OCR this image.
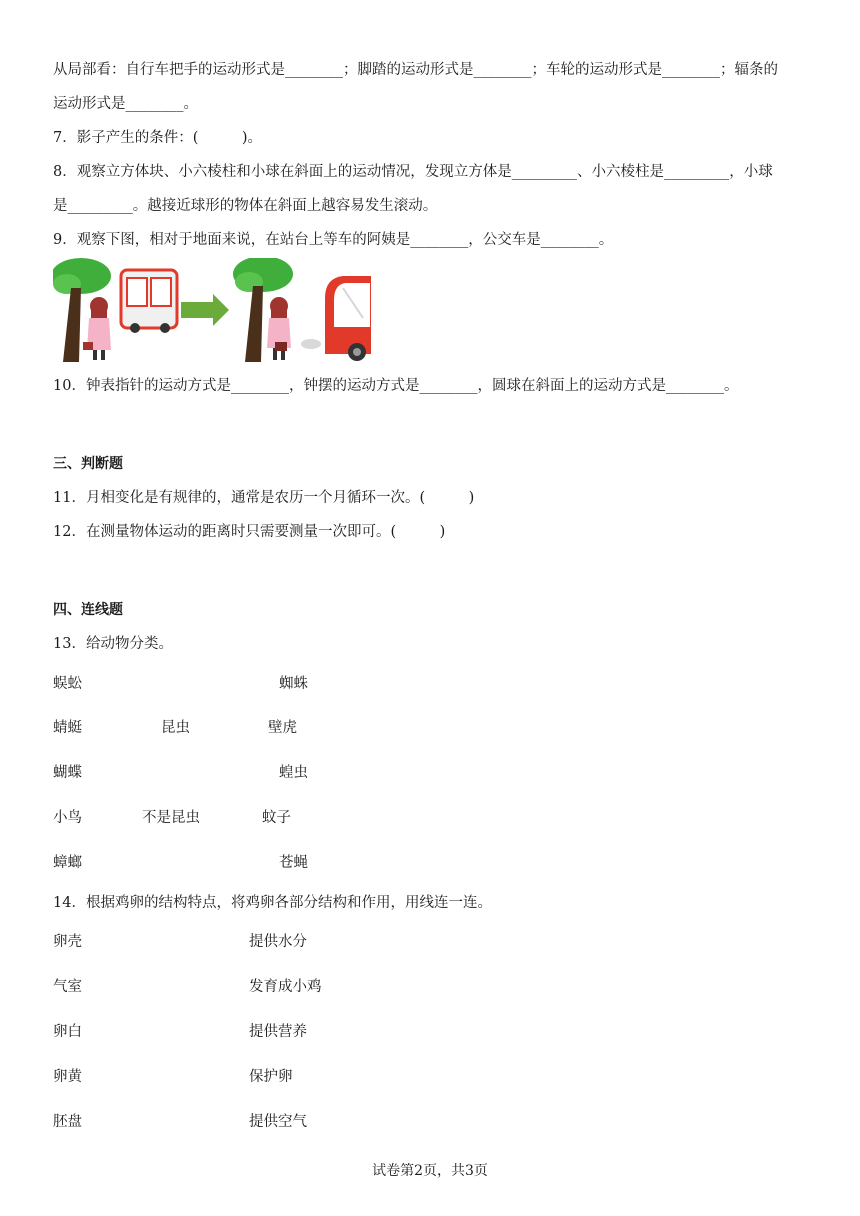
从局部看：自行车把手的运动形式是________；脚踏的运动形式是________；车轮的运动形式是________；辐条的
运动形式是________。
7．影子产生的条件：(　　　)。
8．观察立方体块、小六棱柱和小球在斜面上的运动情况，发现立方体是_________、小六棱柱是_________，小球
是_________。越接近球形的物体在斜面上越容易发生滚动。
9．观察下图，相对于地面来说，在站台上等车的阿姨是________，公交车是________。
10．钟表指针的运动方式是________，钟摆的运动方式是________，圆球在斜面上的运动方式是________。
三、判断题
11．月相变化是有规律的，通常是农历一个月循环一次。(　　　)
12．在测量物体运动的距离时只需要测量一次即可。(　　　)
四、连线题
13．给动物分类。
蜈蚣
蜻蜓
蝴蝶
小鸟
蟑螂
昆虫
不是昆虫
蜘蛛
壁虎
蝗虫
蚊子
苍蝇
14．根据鸡卵的结构特点，将鸡卵各部分结构和作用，用线连一连。
卵壳
气室
卵白
卵黄
胚盘
提供水分
发育成小鸡
提供营养
保护卵
提供空气
试卷第2页，共3页
